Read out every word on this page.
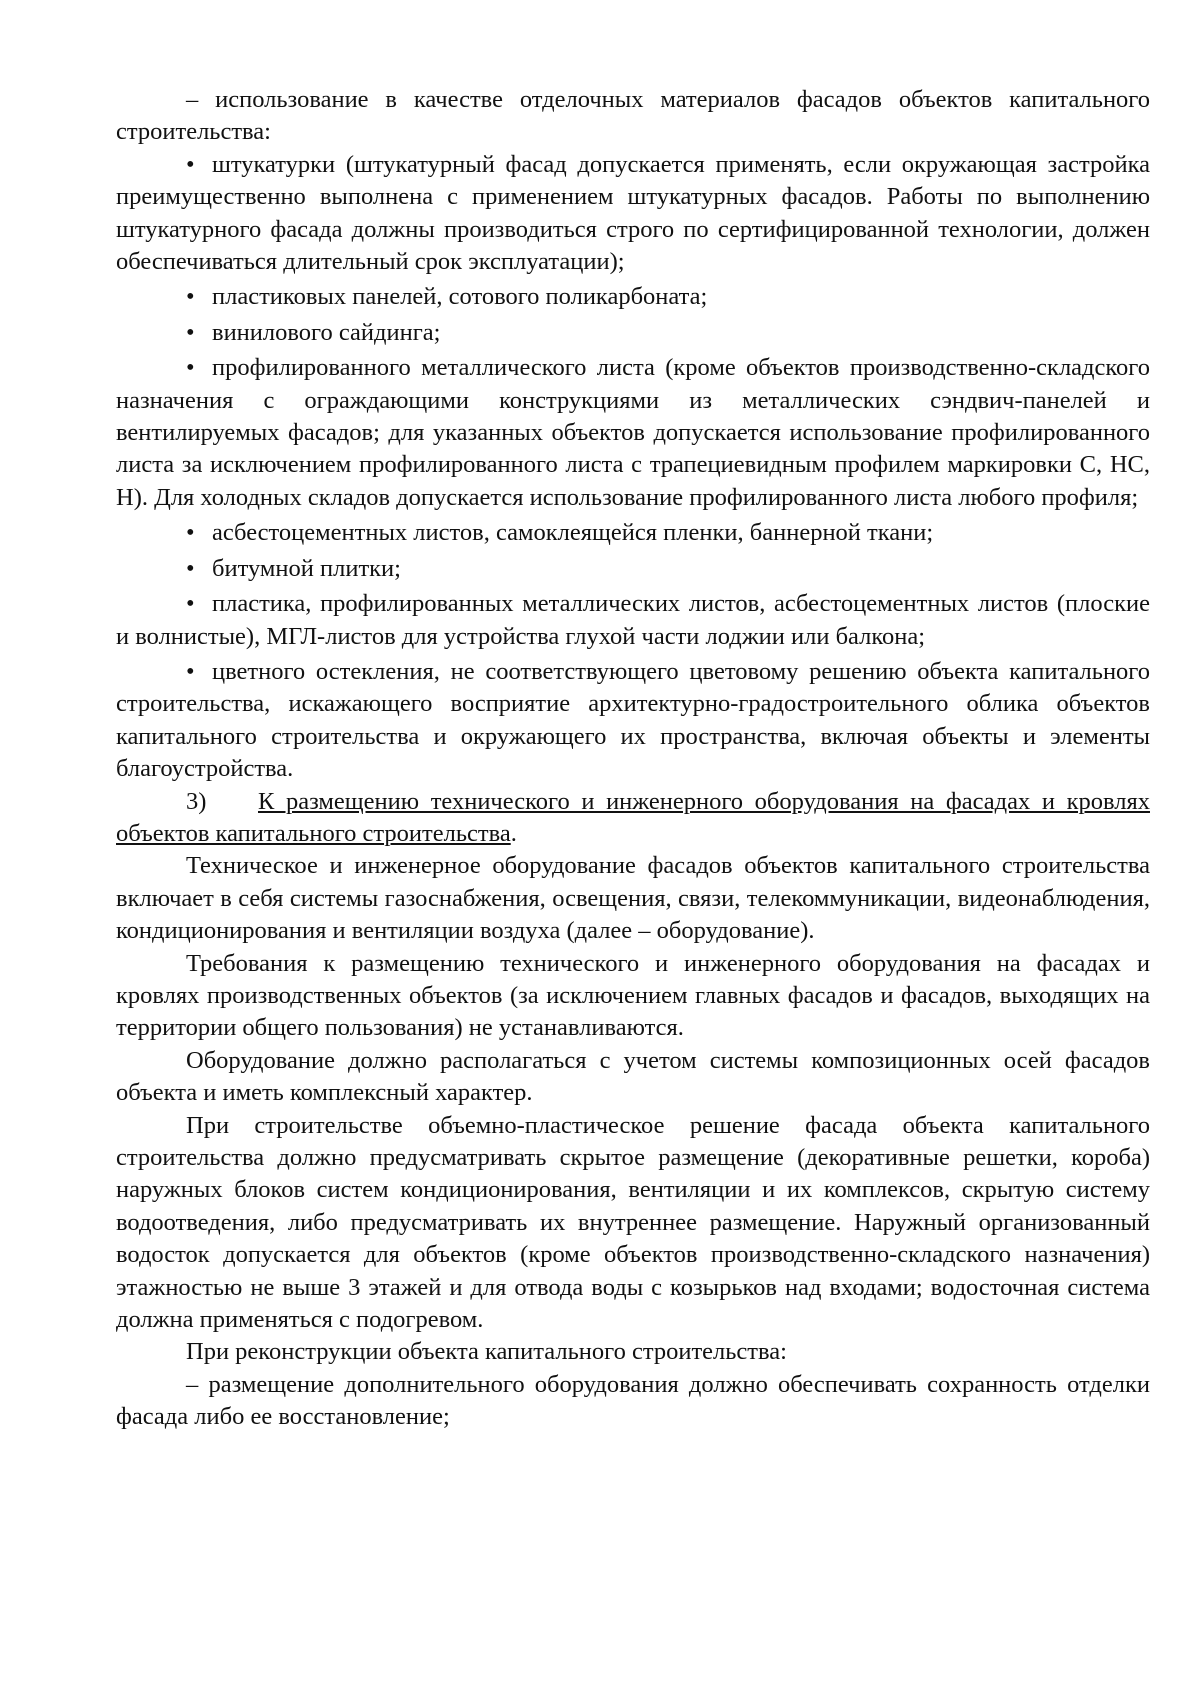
– использование в качестве отделочных материалов фасадов объектов капитального строительства:

• штукатурки (штукатурный фасад допускается применять, если окружающая застройка преимущественно выполнена с применением штукатурных фасадов. Работы по выполнению штукатурного фасада должны производиться строго по сертифицированной технологии, должен обеспечиваться длительный срок эксплуатации);

• пластиковых панелей, сотового поликарбоната;

• винилового сайдинга;

• профилированного металлического листа (кроме объектов производственно-складского назначения с ограждающими конструкциями из металлических сэндвич-панелей и вентилируемых фасадов; для указанных объектов допускается использование профилированного листа за исключением профилированного листа с трапециевидным профилем маркировки С, НС, Н). Для холодных складов допускается использование профилированного листа любого профиля;

• асбестоцементных листов, самоклеящейся пленки, баннерной ткани;

• битумной плитки;

• пластика, профилированных металлических листов, асбестоцементных листов (плоские и волнистые), МГЛ-листов для устройства глухой части лоджии или балкона;

• цветного остекления, не соответствующего цветовому решению объекта капитального строительства, искажающего восприятие архитектурно-градостроительного облика объектов капитального строительства и окружающего их пространства, включая объекты и элементы благоустройства.

3) К размещению технического и инженерного оборудования на фасадах и кровлях объектов капитального строительства.

Техническое и инженерное оборудование фасадов объектов капитального строительства включает в себя системы газоснабжения, освещения, связи, телекоммуникации, видеонаблюдения, кондиционирования и вентиляции воздуха (далее – оборудование).

Требования к размещению технического и инженерного оборудования на фасадах и кровлях производственных объектов (за исключением главных фасадов и фасадов, выходящих на территории общего пользования) не устанавливаются.

Оборудование должно располагаться с учетом системы композиционных осей фасадов объекта и иметь комплексный характер.

При строительстве объемно-пластическое решение фасада объекта капитального строительства должно предусматривать скрытое размещение (декоративные решетки, короба) наружных блоков систем кондиционирования, вентиляции и их комплексов, скрытую систему водоотведения, либо предусматривать их внутреннее размещение. Наружный организованный водосток допускается для объектов (кроме объектов производственно-складского назначения) этажностью не выше 3 этажей и для отвода воды с козырьков над входами; водосточная система должна применяться с подогревом.

При реконструкции объекта капитального строительства:

– размещение дополнительного оборудования должно обеспечивать сохранность отделки фасада либо ее восстановление;
